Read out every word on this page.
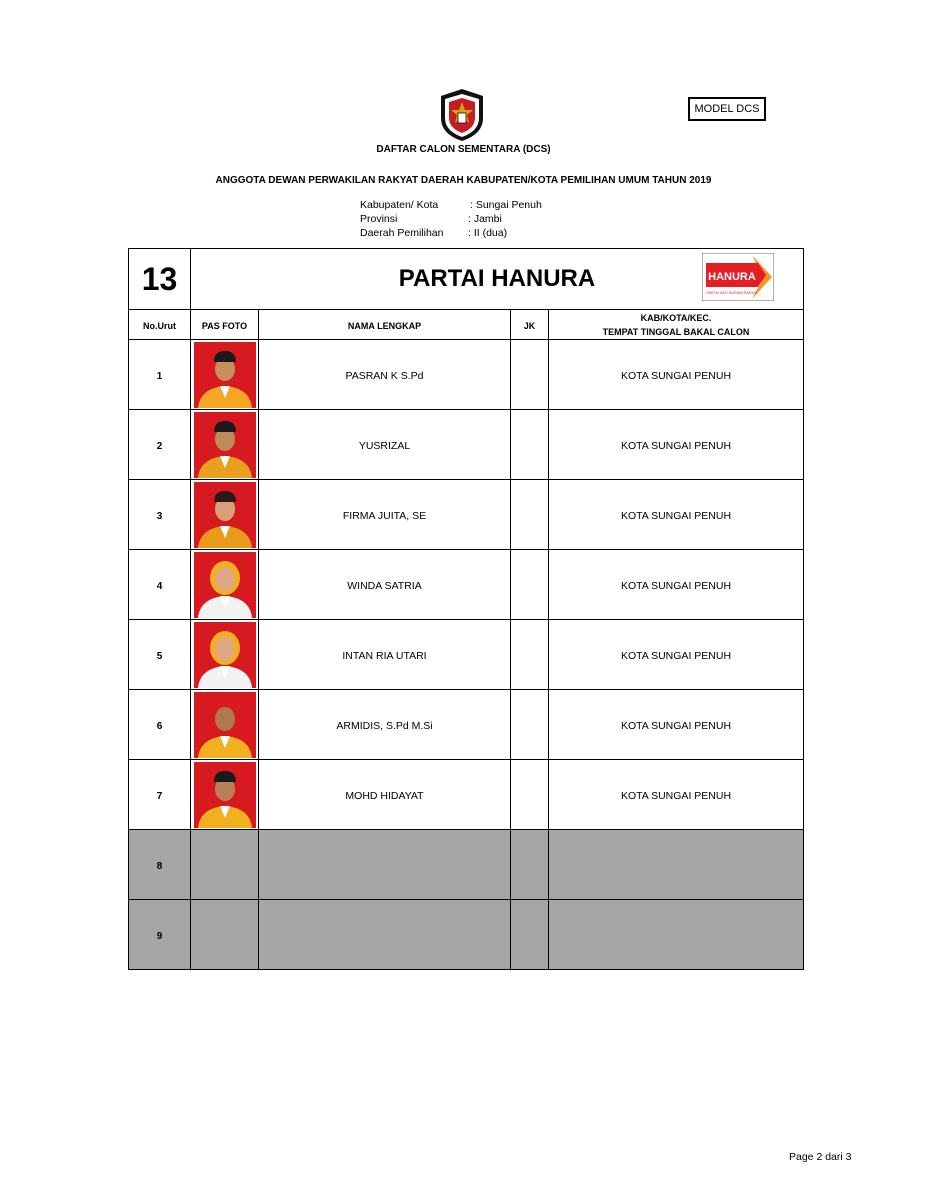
MODEL DCS
DAFTAR CALON SEMENTARA (DCS)
ANGGOTA DEWAN PERWAKILAN RAKYAT DAERAH KABUPATEN/KOTA PEMILIHAN UMUM TAHUN 2019
Kabupaten/ Kota	: Sungai Penuh
Provinsi	: Jambi
Daerah Pemilihan : II (dua)
13	PARTAI HANURA HANURA
PARTAI HATI NURANI RAKYAT			

No.Urut	PAS FOTO	NAMA LENGKAP	JK	KAB/KOTA/KEC.
TEMPAT TINGGAL BAKAL CALON

1		PASRAN K S.Pd		KOTA SUNGAI PENUH
2		YUSRIZAL		KOTA SUNGAI PENUH
3		FIRMA JUITA, SE		KOTA SUNGAI PENUH
4		WINDA SATRIA		KOTA SUNGAI PENUH
5		INTAN RIA UTARI		KOTA SUNGAI PENUH
6		ARMIDIS, S.Pd M.Si		KOTA SUNGAI PENUH
7		MOHD HIDAYAT		KOTA SUNGAI PENUH
8				
9				
Page 2 dari 3
